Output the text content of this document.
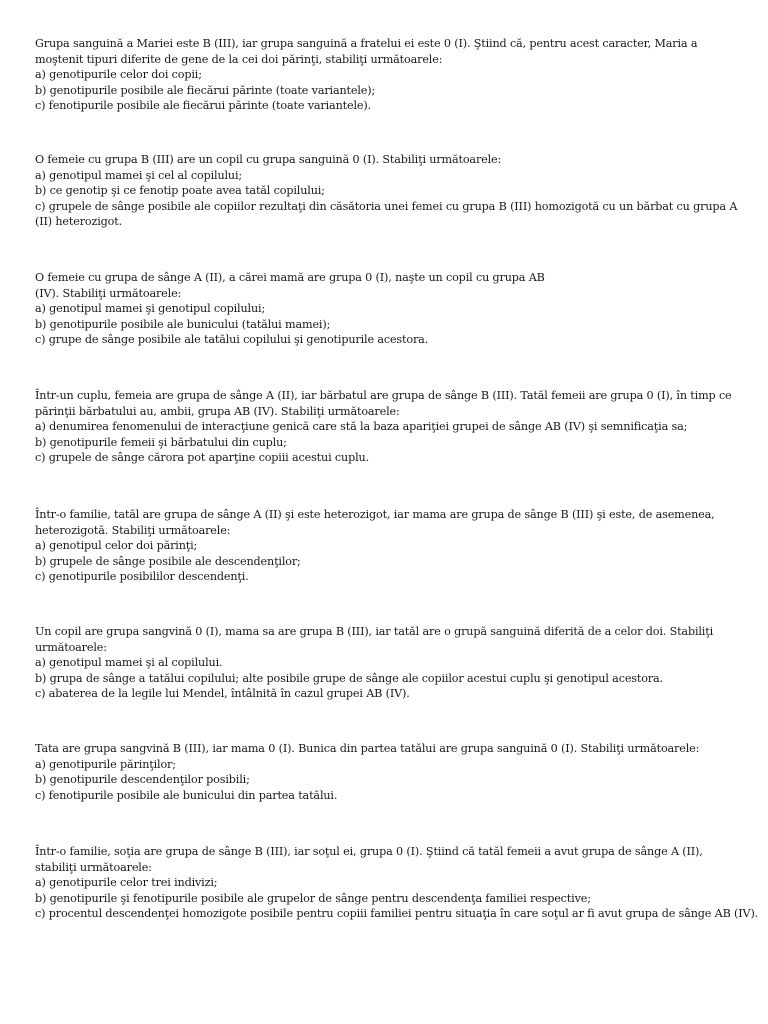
Grupa sanguină a Mariei este B (III), iar grupa sanguină a fratelui ei este 0 (I). Ştiind că, pentru acest caracter, Maria a moştenit tipuri diferite de gene de la cei doi părinţi, stabiliţi următoarele:

a) genotipurile celor doi copii;
b) genotipurile posibile ale fiecărui părinte (toate variantele);
c) fenotipurile posibile ale fiecărui părinte (toate variantele).

O femeie cu grupa B (III) are un copil cu grupa sanguină 0 (I). Stabiliţi următoarele:

a) genotipul mamei şi cel al copilului;
b) ce genotip şi ce fenotip poate avea tatăl copilului;
c) grupele de sânge posibile ale copiilor rezultaţi din căsătoria unei femei cu grupa B (III) homozigotă cu un bărbat cu grupa A (II) heterozigot.
O femeie cu grupa de sânge A (II), a cărei mamă are grupa 0 (I), naşte un copil cu grupa AB
(IV). Stabiliţi următoarele:
a) genotipul mamei şi genotipul copilului;
b) genotipurile posibile ale bunicului (tatălui mamei);
c) grupe de sânge posibile ale tatălui copilului şi genotipurile acestora.

Într-un cuplu, femeia are grupa de sânge A (II), iar bărbatul are grupa de sânge B (III). Tatăl femeii are grupa 0 (I), în timp ce părinţii bărbatului au, ambii, grupa AB (IV). Stabiliţi următoarele:

a) denumirea fenomenului de interacţiune genică care stă la baza apariţiei grupei de sânge AB (IV) şi semnificaţia sa;
b) genotipurile femeii şi bărbatului din cuplu;
c) grupele de sânge cărora pot aparţine copiii acestui cuplu.

Într-o familie, tatăl are grupa de sânge A (II) şi este heterozigot, iar mama are grupa de sânge B (III) şi este, de asemenea, heterozigotă. Stabiliţi următoarele:

a) genotipul celor doi părinţi;
b) grupele de sânge posibile ale descendenţilor;
c) genotipurile posibililor descendenţi.

Un copil are grupa sangvină 0 (I), mama sa are grupa B (III), iar tatăl are o grupă sanguină diferită de a celor doi. Stabiliţi următoarele:

a) genotipul mamei şi al copilului.
b) grupa de sânge a tatălui copilului; alte posibile grupe de sânge ale copiilor acestui cuplu şi genotipul acestora.
c) abaterea de la legile lui Mendel, întâlnită în cazul grupei AB (IV).

Tata are grupa sangvină B (III), iar mama 0 (I). Bunica din partea tatălui are grupa sanguină 0 (I). Stabiliţi următoarele:

a) genotipurile părinţilor;
b) genotipurile descendenţilor posibili;
c) fenotipurile posibile ale bunicului din partea tatălui.

Într-o familie, soţia are grupa de sânge B (III), iar soţul ei, grupa 0 (I). Ştiind că tatăl femeii a avut grupa de sânge A (II), stabiliţi următoarele:

a) genotipurile celor trei indivizi;
b) genotipurile şi fenotipurile posibile ale grupelor de sânge pentru descendenţa familiei respective;
c) procentul descendenţei homozigote posibile pentru copiii familiei pentru situaţia în care soţul ar fi avut grupa de sânge AB (IV).
